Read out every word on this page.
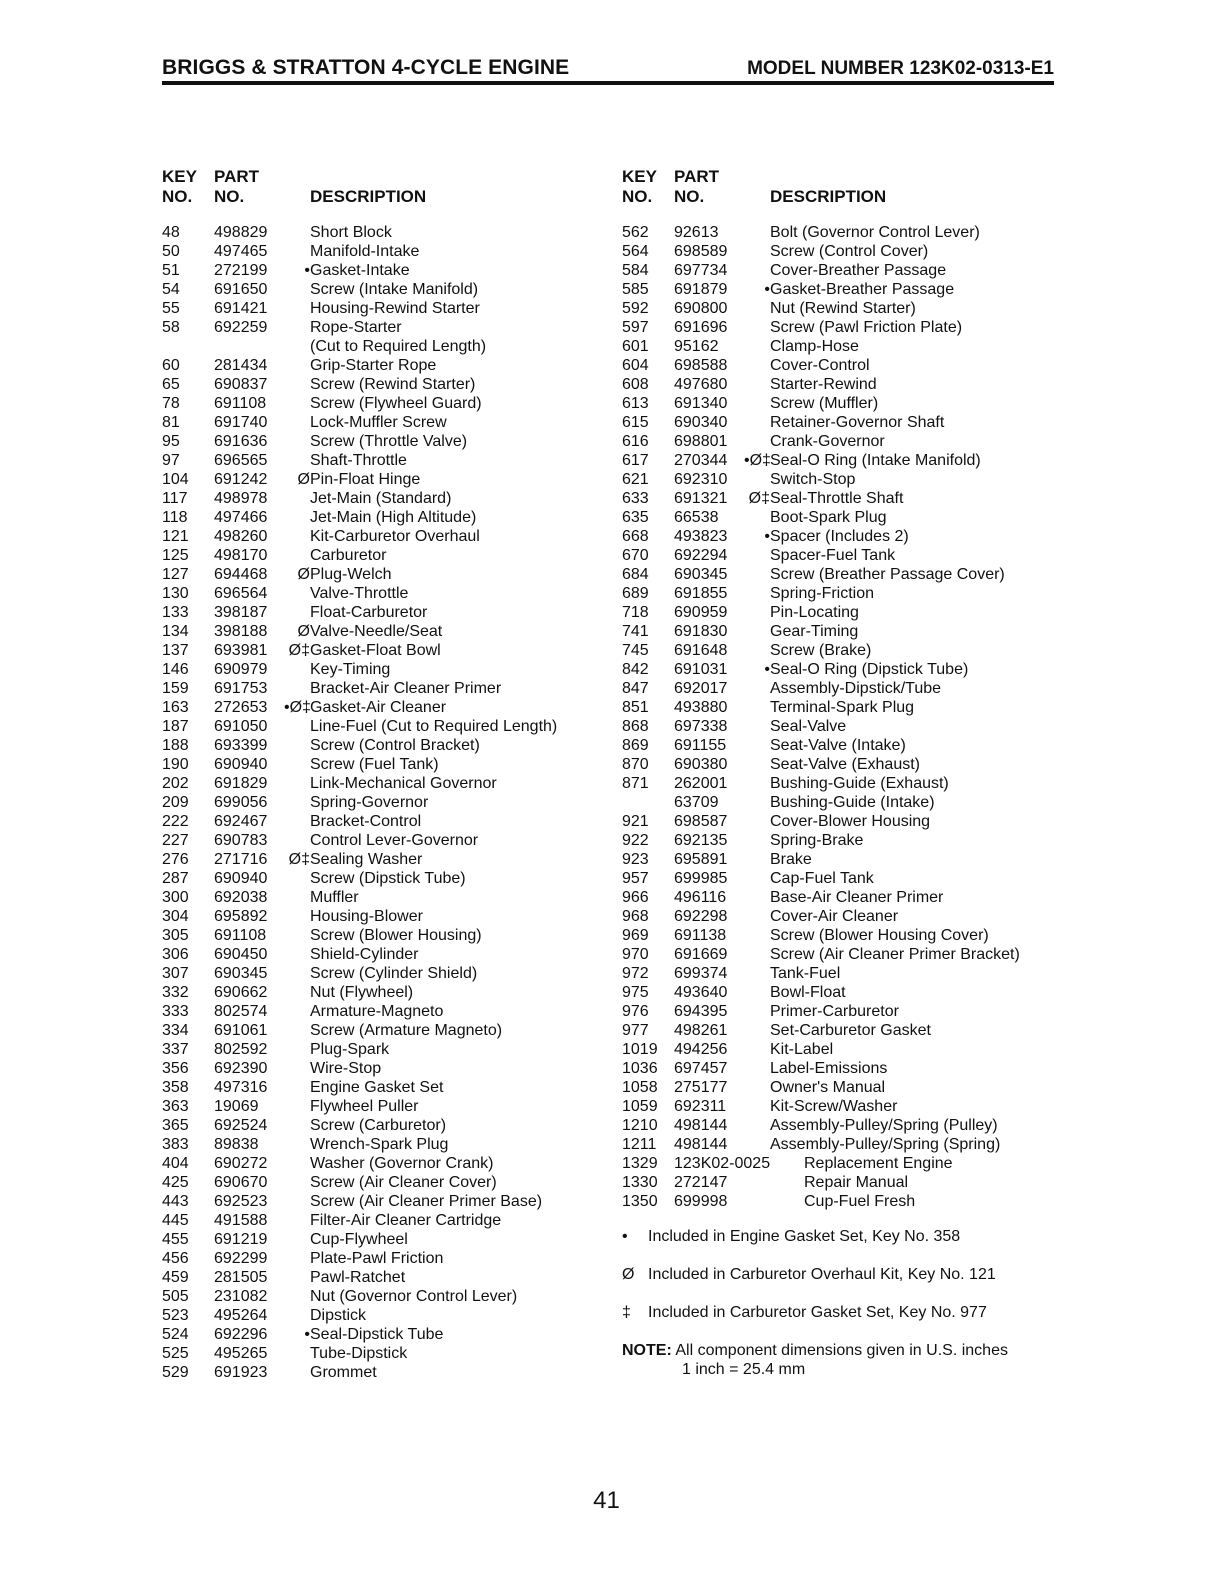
BRIGGS & STRATTON 4-CYCLE ENGINE	MODEL NUMBER 123K02-0313-E1
KEY
NO.
PART
NO.	DESCRIPTION
48 498829	Short Block
50 497465	Manifold-Intake
51 272199	• Gasket-Intake
54 691650	Screw (Intake Manifold)
55 691421	Housing-Rewind Starter
58 692259	Rope-Starter
(Cut to Required Length)
60 281434	Grip-Starter Rope
65 690837	Screw (Rewind Starter)
78 691108	Screw (Flywheel Guard)
81 691740	Lock-Muffler Screw
95 691636	Screw (Throttle Valve)
97 696565	Shaft-Throttle
104 691242	Ø Pin-Float Hinge
117 498978	Jet-Main (Standard)
118 497466	Jet-Main (High Altitude)
121 498260	Kit-Carburetor Overhaul
125 498170	Carburetor
127 694468	Ø Plug-Welch
130 696564	Valve-Throttle
133 398187	Float-Carburetor
134 398188	Ø Valve-Needle/Seat
137 693981 Ø‡ Gasket-Float Bowl
146 690979	Key-Timing
159 691753	Bracket-Air Cleaner Primer
163 272653 •Ø‡ Gasket-Air Cleaner
187 691050	Line-Fuel (Cut to Required Length)
188 693399	Screw (Control Bracket)
190 690940	Screw (Fuel Tank)
202 691829	Link-Mechanical Governor
209 699056	Spring-Governor
222 692467	Bracket-Control
227 690783	Control Lever-Governor
276 271716 Ø‡ Sealing Washer
287 690940	Screw (Dipstick Tube)
300 692038	Muffler
304 695892	Housing-Blower
305 691108	Screw (Blower Housing)
306 690450	Shield-Cylinder
307 690345	Screw (Cylinder Shield)
332 690662	Nut (Flywheel)
333 802574	Armature-Magneto
334 691061	Screw (Armature Magneto)
337 802592	Plug-Spark
356 692390	Wire-Stop
358 497316	Engine Gasket Set
363 19069	Flywheel Puller
365 692524	Screw (Carburetor)
383 89838	Wrench-Spark Plug
404 690272	Washer (Governor Crank)
425 690670	Screw (Air Cleaner Cover)
443 692523	Screw (Air Cleaner Primer Base)
445 491588	Filter-Air Cleaner Cartridge
455 691219	Cup-Flywheel
456 692299	Plate-Pawl Friction
459 281505	Pawl-Ratchet
505 231082	Nut (Governor Control Lever)
523 495264	Dipstick
524 692296	• Seal-Dipstick Tube
525 495265	Tube-Dipstick
529 691923	Grommet
KEY
NO.
PART
NO.	DESCRIPTION
562 92613	Bolt (Governor Control Lever)
564 698589	Screw (Control Cover)
584 697734	Cover-Breather Passage
585 691879	• Gasket-Breather Passage
592 690800	Nut (Rewind Starter)
597 691696	Screw (Pawl Friction Plate)
601 95162	Clamp-Hose
604 698588	Cover-Control
608 497680	Starter-Rewind
613 691340	Screw (Muffler)
615 690340	Retainer-Governor Shaft
616 698801	Crank-Governor
617 270344 •Ø‡ Seal-O Ring (Intake Manifold)
621 692310	Switch-Stop
633 691321 Ø‡ Seal-Throttle Shaft
635 66538	Boot-Spark Plug
668 493823	• Spacer (Includes 2)
670 692294	Spacer-Fuel Tank
684 690345	Screw (Breather Passage Cover)
689 691855	Spring-Friction
718 690959	Pin-Locating
741 691830	Gear-Timing
745 691648	Screw (Brake)
842 691031	• Seal-O Ring (Dipstick Tube)
847 692017	Assembly-Dipstick/Tube
851 493880	Terminal-Spark Plug
868 697338	Seal-Valve
869 691155	Seat-Valve (Intake)
870 690380	Seat-Valve (Exhaust)
871 262001	Bushing-Guide (Exhaust)
63709	Bushing-Guide (Intake)
921 698587	Cover-Blower Housing
922 692135	Spring-Brake
923 695891	Brake
957 699985	Cap-Fuel Tank
966 496116	Base-Air Cleaner Primer
968 692298	Cover-Air Cleaner
969 691138	Screw (Blower Housing Cover)
970 691669	Screw (Air Cleaner Primer Bracket)
972 699374	Tank-Fuel
975 493640	Bowl-Float
976 694395	Primer-Carburetor
977 498261	Set-Carburetor Gasket
1019 494256	Kit-Label
1036 697457	Label-Emissions
1058 275177	Owner's Manual
1059 692311	Kit-Screw/Washer
1210 498144	Assembly-Pulley/Spring (Pulley)
1211 498144	Assembly-Pulley/Spring (Spring)
1329 123K02-0025 Replacement Engine
1330 272147	Repair Manual
1350 699998	Cup-Fuel Fresh
•	Included in Engine Gasket Set, Key No. 358
Ø Included in Carburetor Overhaul Kit, Key No. 121
‡	Included in Carburetor Gasket Set, Key No. 977
NOTE: All component dimensions given in U.S. inches
1 inch = 25.4 mm
41
